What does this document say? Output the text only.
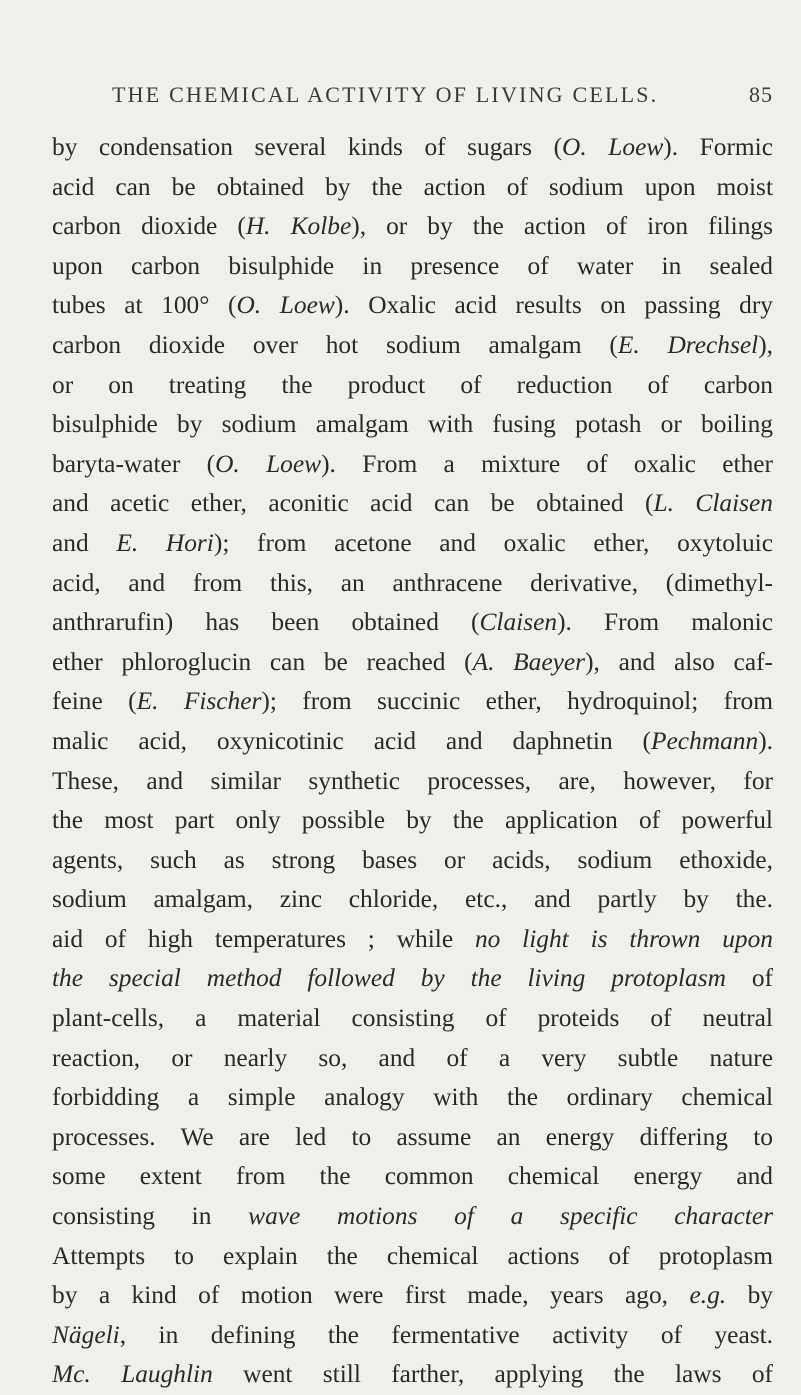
THE CHEMICAL ACTIVITY OF LIVING CELLS.	85
by condensation several kinds of sugars (O. Loew). Formic
acid can be obtained by the action of sodium upon moist
carbon dioxide (H. Kolbe), or by the action of iron filings
upon carbon bisulphide in presence of water in sealed
tubes at 100° (O. Loew). Oxalic acid results on passing dry
carbon dioxide over hot sodium amalgam (E. Drechsel),
or on treating the product of reduction of carbon
bisulphide by sodium amalgam with fusing potash or boiling
baryta-water (O. Loew). From a mixture of oxalic ether
and acetic ether, aconitic acid can be obtained (L. Claisen
and E. Hori); from acetone and oxalic ether, oxytoluic
acid, and from this, an anthracene derivative, (dimethyl-
anthrarufin) has been obtained (Claisen). From malonic
ether phloroglucin can be reached (A. Baeyer), and also caf-
feine (E. Fischer); from succinic ether, hydroquinol; from
malic acid, oxynicotinic acid and daphnetin (Pechmann).
These, and similar synthetic processes, are, however, for
the most part only possible by the application of powerful
agents, such as strong bases or acids, sodium ethoxide,
sodium amalgam, zinc chloride, etc., and partly by the.
aid of high temperatures ; while no light is thrown upon
the special method followed by the living protoplasm of
plant-cells, a material consisting of proteids of neutral
reaction, or nearly so, and of a very subtle nature
forbidding a simple analogy with the ordinary chemical
processes. We are led to assume an energy differing to
some extent from the common chemical energy and
consisting in wave motions of a specific character
Attempts to explain the chemical actions of protoplasm
by a kind of motion were first made, years ago, e.g. by
Nägeli, in defining the fermentative activity of yeast.
Mc. Laughlin went still farther, applying the laws of
